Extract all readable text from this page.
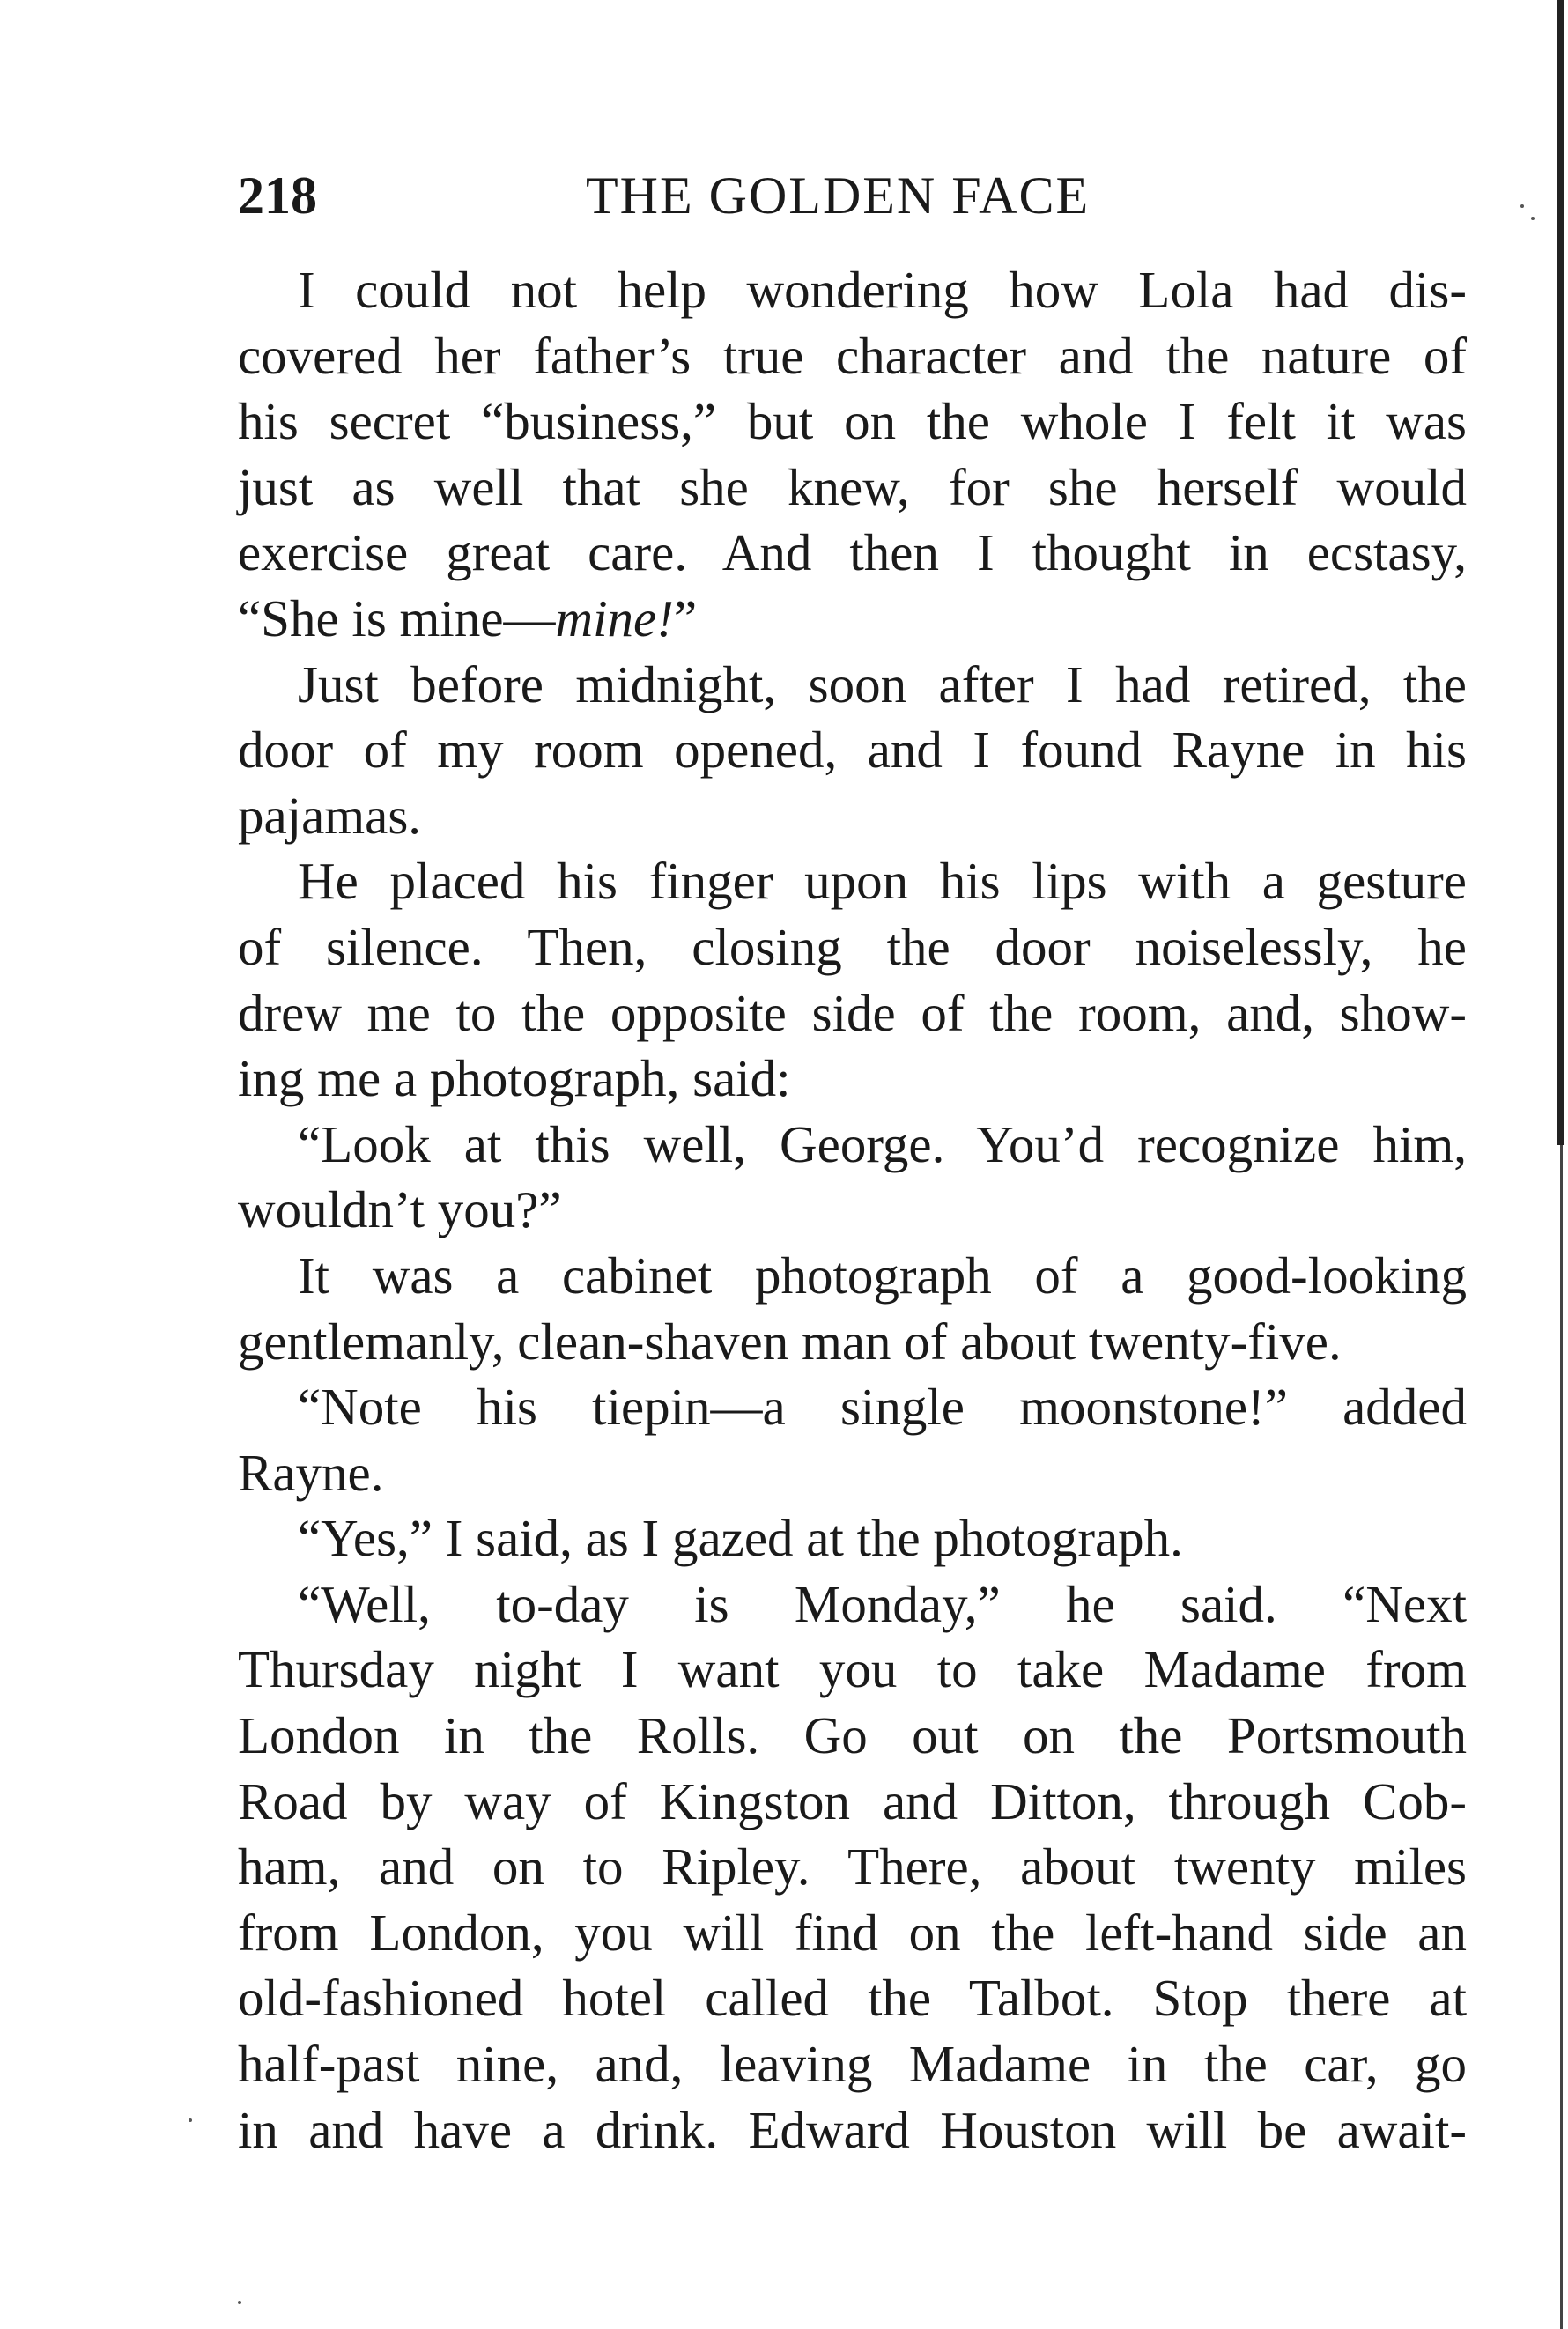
218	THE GOLDEN FACE
I could not help wondering how Lola had dis-
covered her father’s true character and the nature of
his secret “business,” but on the whole I felt it was
just as well that she knew, for she herself would
exercise great care. And then I thought in ecstasy,
“She is mine—mine!”
Just before midnight, soon after I had retired, the
door of my room opened, and I found Rayne in his
pajamas.
He placed his finger upon his lips with a gesture
of silence. Then, closing the door noiselessly, he
drew me to the opposite side of the room, and, show-
ing me a photograph, said:
“Look at this well, George. You’d recognize him,
wouldn’t you?”
It was a cabinet photograph of a good-looking
gentlemanly, clean-shaven man of about twenty-five.
“Note his tiepin—a single moonstone!” added
Rayne.
“Yes,” I said, as I gazed at the photograph.
“Well, to-day is Monday,” he said. “Next
Thursday night I want you to take Madame from
London in the Rolls. Go out on the Portsmouth
Road by way of Kingston and Ditton, through Cob-
ham, and on to Ripley. There, about twenty miles
from London, you will find on the left-hand side an
old-fashioned hotel called the Talbot. Stop there at
half-past nine, and, leaving Madame in the car, go
in and have a drink. Edward Houston will be await-
